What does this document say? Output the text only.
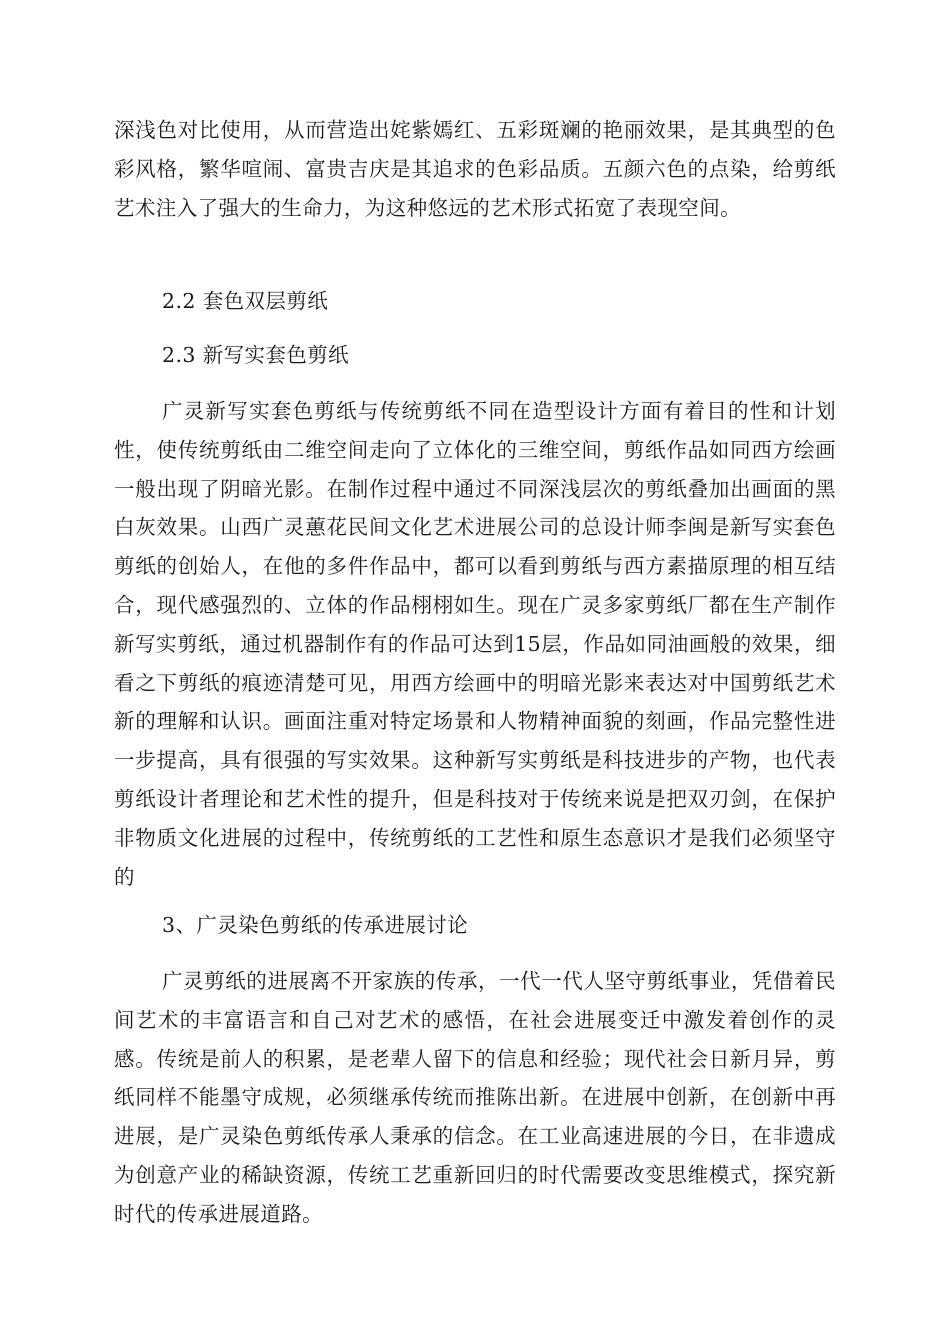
深浅色对比使用，从而营造出姹紫嫣红、五彩斑斓的艳丽效果，是其典型的色彩风格，繁华喧闹、富贵吉庆是其追求的色彩品质。五颜六色的点染，给剪纸艺术注入了强大的生命力，为这种悠远的艺术形式拓宽了表现空间。

2.2 套色双层剪纸

2.3 新写实套色剪纸

广灵新写实套色剪纸与传统剪纸不同在造型设计方面有着目的性和计划性，使传统剪纸由二维空间走向了立体化的三维空间，剪纸作品如同西方绘画一般出现了阴暗光影。在制作过程中通过不同深浅层次的剪纸叠加出画面的黑白灰效果。山西广灵蕙花民间文化艺术进展公司的总设计师李闽是新写实套色剪纸的创始人，在他的多件作品中，都可以看到剪纸与西方素描原理的相互结合，现代感强烈的、立体的作品栩栩如生。现在广灵多家剪纸厂都在生产制作新写实剪纸，通过机器制作有的作品可达到15层，作品如同油画般的效果，细看之下剪纸的痕迹清楚可见，用西方绘画中的明暗光影来表达对中国剪纸艺术新的理解和认识。画面注重对特定场景和人物精神面貌的刻画，作品完整性进一步提高，具有很强的写实效果。这种新写实剪纸是科技进步的产物，也代表剪纸设计者理论和艺术性的提升，但是科技对于传统来说是把双刃剑，在保护非物质文化进展的过程中，传统剪纸的工艺性和原生态意识才是我们必须坚守的

3、广灵染色剪纸的传承进展讨论

广灵剪纸的进展离不开家族的传承，一代一代人坚守剪纸事业，凭借着民间艺术的丰富语言和自己对艺术的感悟，在社会进展变迁中激发着创作的灵感。传统是前人的积累，是老辈人留下的信息和经验；现代社会日新月异，剪纸同样不能墨守成规，必须继承传统而推陈出新。在进展中创新，在创新中再进展，是广灵染色剪纸传承人秉承的信念。在工业高速进展的今日，在非遗成为创意产业的稀缺资源，传统工艺重新回归的时代需要改变思维模式，探究新时代的传承进展道路。
